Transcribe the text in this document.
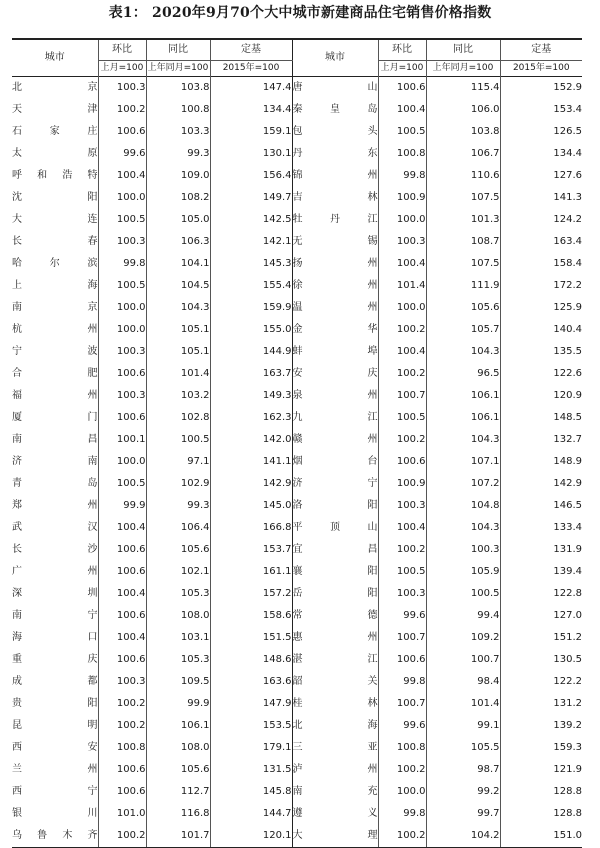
表1： 2020年9月70个大中城市新建商品住宅销售价格指数
城市	环比	同比	定基	城市	环比	同比	定基
	上月=100	上年同月=100	2015年=100		上月=100	上年同月=100	2015年=100
北京	100.3	103.8	147.4	唐山	100.6	115.4	152.9
天津	100.2	100.8	134.4	秦皇岛	100.4	106.0	153.4
石家庄	100.6	103.3	159.1	包头	100.5	103.8	126.5
太原	99.6	99.3	130.1	丹东	100.8	106.7	134.4
呼和浩特	100.4	109.0	156.4	锦州	99.8	110.6	127.6
沈阳	100.0	108.2	149.7	吉林	100.9	107.5	141.3
大连	100.5	105.0	142.5	牡丹江	100.0	101.3	124.2
长春	100.3	106.3	142.1	无锡	100.3	108.7	163.4
哈尔滨	99.8	104.1	145.3	扬州	100.4	107.5	158.4
上海	100.5	104.5	155.4	徐州	101.4	111.9	172.2
南京	100.0	104.3	159.9	温州	100.0	105.6	125.9
杭州	100.0	105.1	155.0	金华	100.2	105.7	140.4
宁波	100.3	105.1	144.9	蚌埠	100.4	104.3	135.5
合肥	100.6	101.4	163.7	安庆	100.2	96.5	122.6
福州	100.3	103.2	149.3	泉州	100.7	106.1	120.9
厦门	100.6	102.8	162.3	九江	100.5	106.1	148.5
南昌	100.1	100.5	142.0	赣州	100.2	104.3	132.7
济南	100.0	97.1	141.1	烟台	100.6	107.1	148.9
青岛	100.5	102.9	142.9	济宁	100.9	107.2	142.9
郑州	99.9	99.3	145.0	洛阳	100.3	104.8	146.5
武汉	100.4	106.4	166.8	平顶山	100.4	104.3	133.4
长沙	100.6	105.6	153.7	宜昌	100.2	100.3	131.9
广州	100.6	102.1	161.1	襄阳	100.5	105.9	139.4
深圳	100.4	105.3	157.2	岳阳	100.3	100.5	122.8
南宁	100.6	108.0	158.6	常德	99.6	99.4	127.0
海口	100.4	103.1	151.5	惠州	100.7	109.2	151.2
重庆	100.6	105.3	148.6	湛江	100.6	100.7	130.5
成都	100.3	109.5	163.6	韶关	99.8	98.4	122.2
贵阳	100.2	99.9	147.9	桂林	100.7	101.4	131.2
昆明	100.2	106.1	153.5	北海	99.6	99.1	139.2
西安	100.8	108.0	179.1	三亚	100.8	105.5	159.3
兰州	100.6	105.6	131.5	泸州	100.2	98.7	121.9
西宁	100.6	112.7	145.8	南充	100.0	99.2	128.8
银川	101.0	116.8	144.7	遵义	99.8	99.7	128.8
乌鲁木齐	100.2	101.7	120.1	大理	100.2	104.2	151.0
